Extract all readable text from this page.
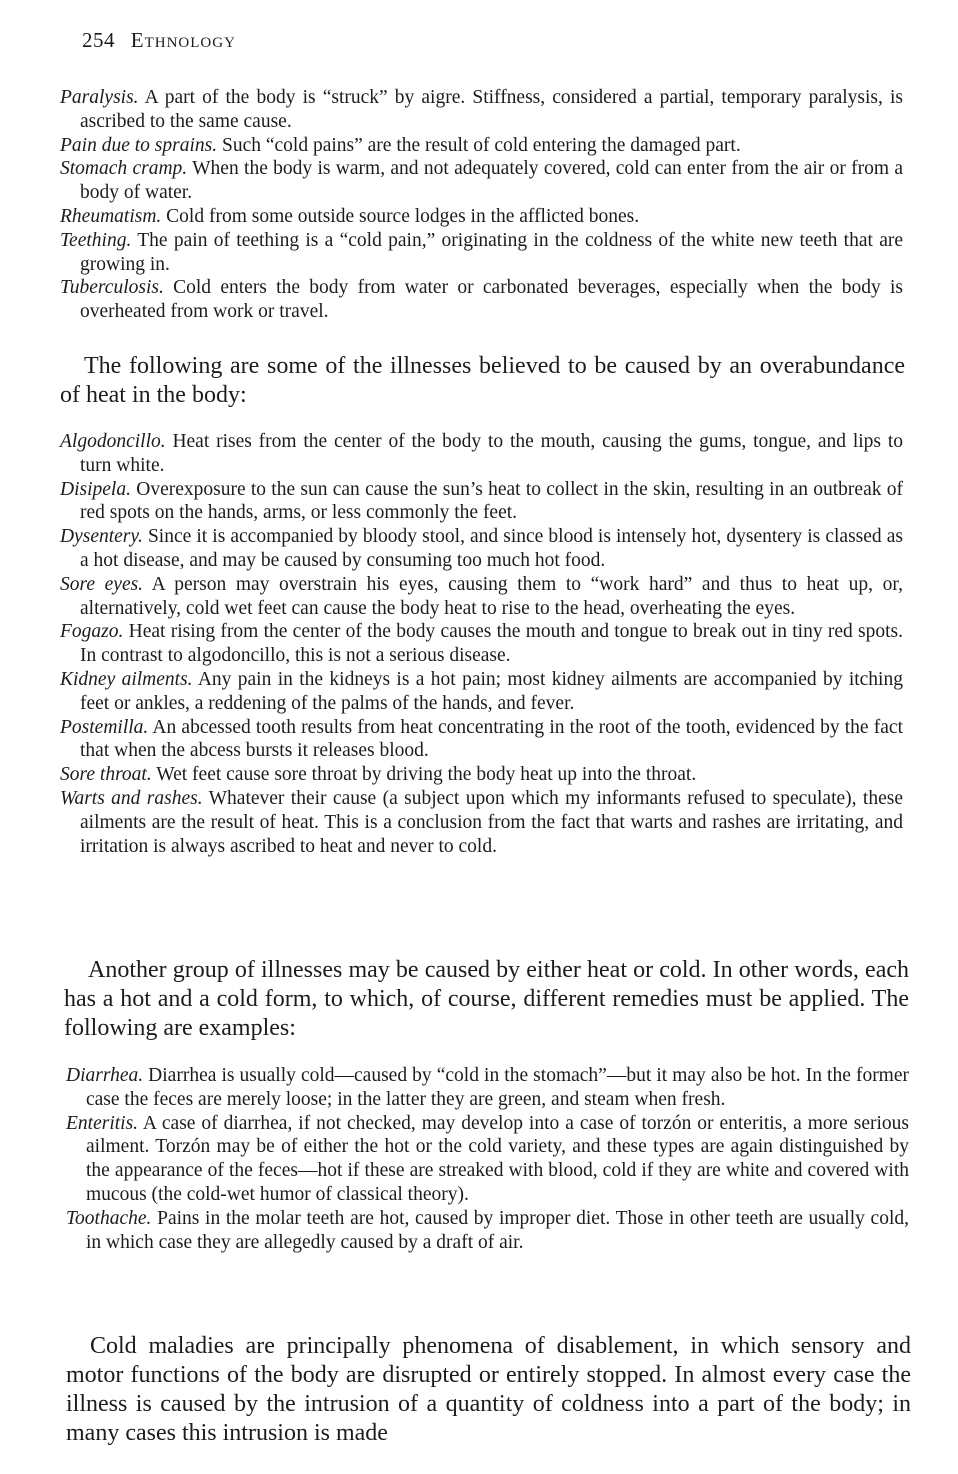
254 Ethnology

Paralysis. A part of the body is “struck” by aigre. Stiffness, considered a partial, temporary paralysis, is ascribed to the same cause.

Pain due to sprains. Such “cold pains” are the result of cold entering the damaged part.

Stomach cramp. When the body is warm, and not adequately covered, cold can enter from the air or from a body of water.

Rheumatism. Cold from some outside source lodges in the afflicted bones.

Teething. The pain of teething is a “cold pain,” originating in the coldness of the white new teeth that are growing in.

Tuberculosis. Cold enters the body from water or carbonated beverages, especially when the body is overheated from work or travel.

The following are some of the illnesses believed to be caused by an overabundance of heat in the body:

Algodoncillo. Heat rises from the center of the body to the mouth, causing the gums, tongue, and lips to turn white.

Disipela. Overexposure to the sun can cause the sun’s heat to collect in the skin, resulting in an outbreak of red spots on the hands, arms, or less commonly the feet.

Dysentery. Since it is accompanied by bloody stool, and since blood is intensely hot, dysentery is classed as a hot disease, and may be caused by consuming too much hot food.

Sore eyes. A person may overstrain his eyes, causing them to “work hard” and thus to heat up, or, alternatively, cold wet feet can cause the body heat to rise to the head, overheating the eyes.

Fogazo. Heat rising from the center of the body causes the mouth and tongue to break out in tiny red spots. In contrast to algodoncillo, this is not a serious disease.

Kidney ailments. Any pain in the kidneys is a hot pain; most kidney ailments are accompanied by itching feet or ankles, a reddening of the palms of the hands, and fever.

Postemilla. An abcessed tooth results from heat concentrating in the root of the tooth, evidenced by the fact that when the abcess bursts it releases blood.

Sore throat. Wet feet cause sore throat by driving the body heat up into the throat.

Warts and rashes. Whatever their cause (a subject upon which my informants refused to speculate), these ailments are the result of heat. This is a conclusion from the fact that warts and rashes are irritating, and irritation is always ascribed to heat and never to cold.

Another group of illnesses may be caused by either heat or cold. In other words, each has a hot and a cold form, to which, of course, different remedies must be applied. The following are examples:

Diarrhea. Diarrhea is usually cold—caused by “cold in the stomach”—but it may also be hot. In the former case the feces are merely loose; in the latter they are green, and steam when fresh.

Enteritis. A case of diarrhea, if not checked, may develop into a case of torzón or enteritis, a more serious ailment. Torzón may be of either the hot or the cold variety, and these types are again distinguished by the appearance of the feces—hot if these are streaked with blood, cold if they are white and covered with mucous (the cold-wet humor of classical theory).

Toothache. Pains in the molar teeth are hot, caused by improper diet. Those in other teeth are usually cold, in which case they are allegedly caused by a draft of air.

Cold maladies are principally phenomena of disablement, in which sensory and motor functions of the body are disrupted or entirely stopped. In almost every case the illness is caused by the intrusion of a quantity of coldness into a part of the body; in many cases this intrusion is made
